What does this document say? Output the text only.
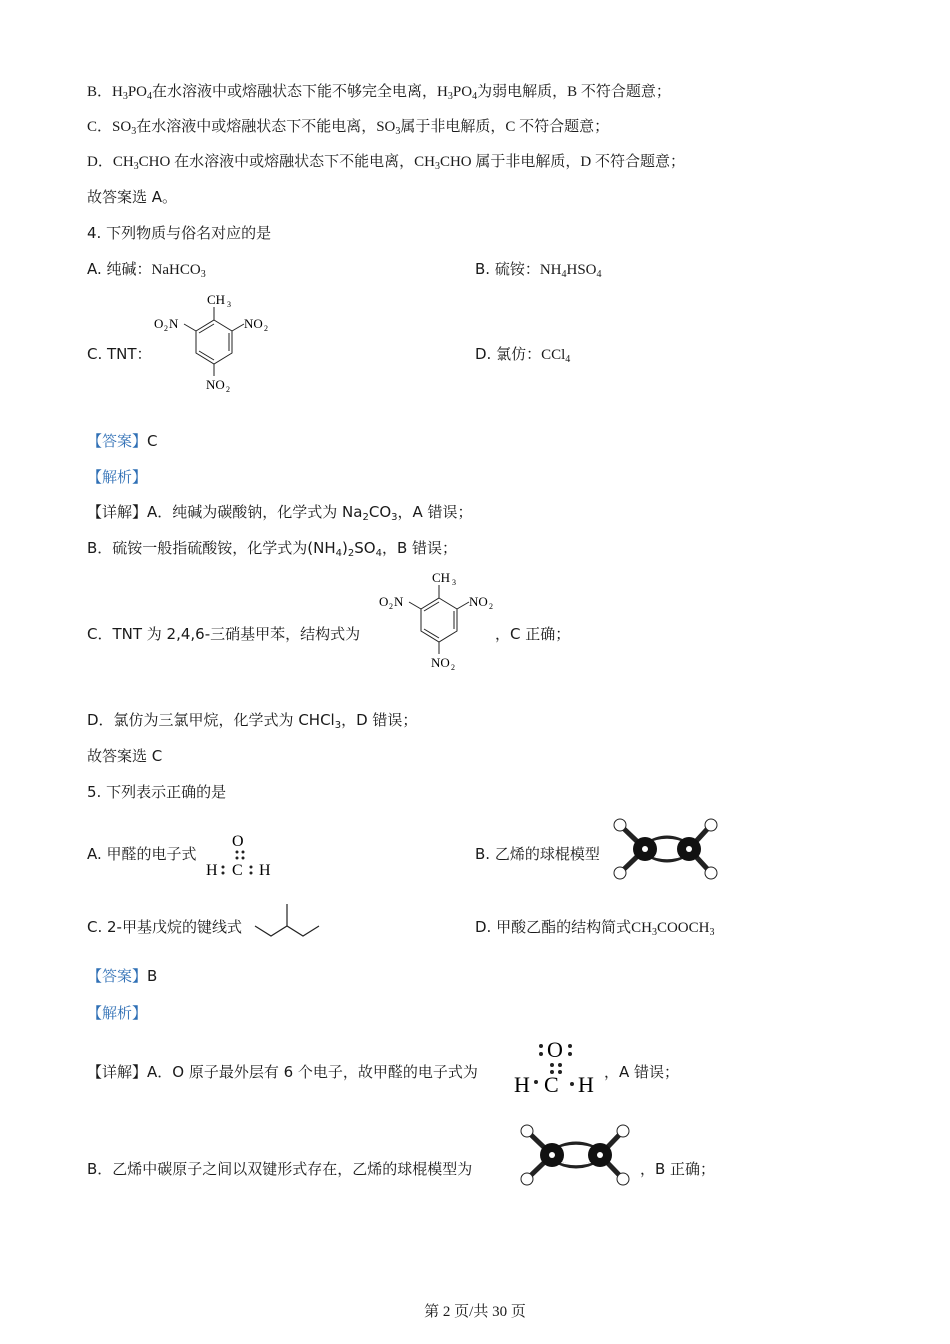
B．$H_3PO_4$在水溶液中或熔融状态下能不够完全电离，$H_3PO_4$为弱电解质，B 不符合题意；
C．$SO_3$在水溶液中或熔融状态下不能电离，$SO_3$属于非电解质，C 不符合题意；
D．$CH_3CHO$ 在水溶液中或熔融状态下不能电离，$CH_3CHO$ 属于非电解质，D 不符合题意；
故答案选 A。
4. 下列物质与俗名对应的是
A. 纯碱：NaHCO$_3$	B. 硫铵：$NH_4HSO_4$
C. TNT：
CH 3
NO 2
O 2 N
NO 2
D. 氯仿：CCl$_4$
【答案】C
【解析】
【详解】A．纯碱为碳酸钠，化学式为 $Na_2CO_3$，A 错误；
B．硫铵一般指硫酸铵，化学式为$(NH_4)_2SO_4$，B 错误；
C．TNT 为 2,4,6-三硝基甲苯，结构式为
CH 3
NO 2
O 2 N
NO 2
，C 正确；
D．氯仿为三氯甲烷，化学式为 CHCl$_3$，D 错误；
故答案选 C
5. 下列表示正确的是
A. 甲醛的电子式
O
H C H
B. 乙烯的球棍模型
C. 2-甲基戊烷的键线式	D. 甲酸乙酯的结构简式$CH_3COOCH_3$
【答案】B
【解析】
【详解】A．O 原子最外层有 6 个电子，故甲醛的电子式为
O
H C H ，A 错误；
B．乙烯中碳原子之间以双键形式存在，乙烯的球棍模型为	，B 正确；
第 2 页/共 30 页
